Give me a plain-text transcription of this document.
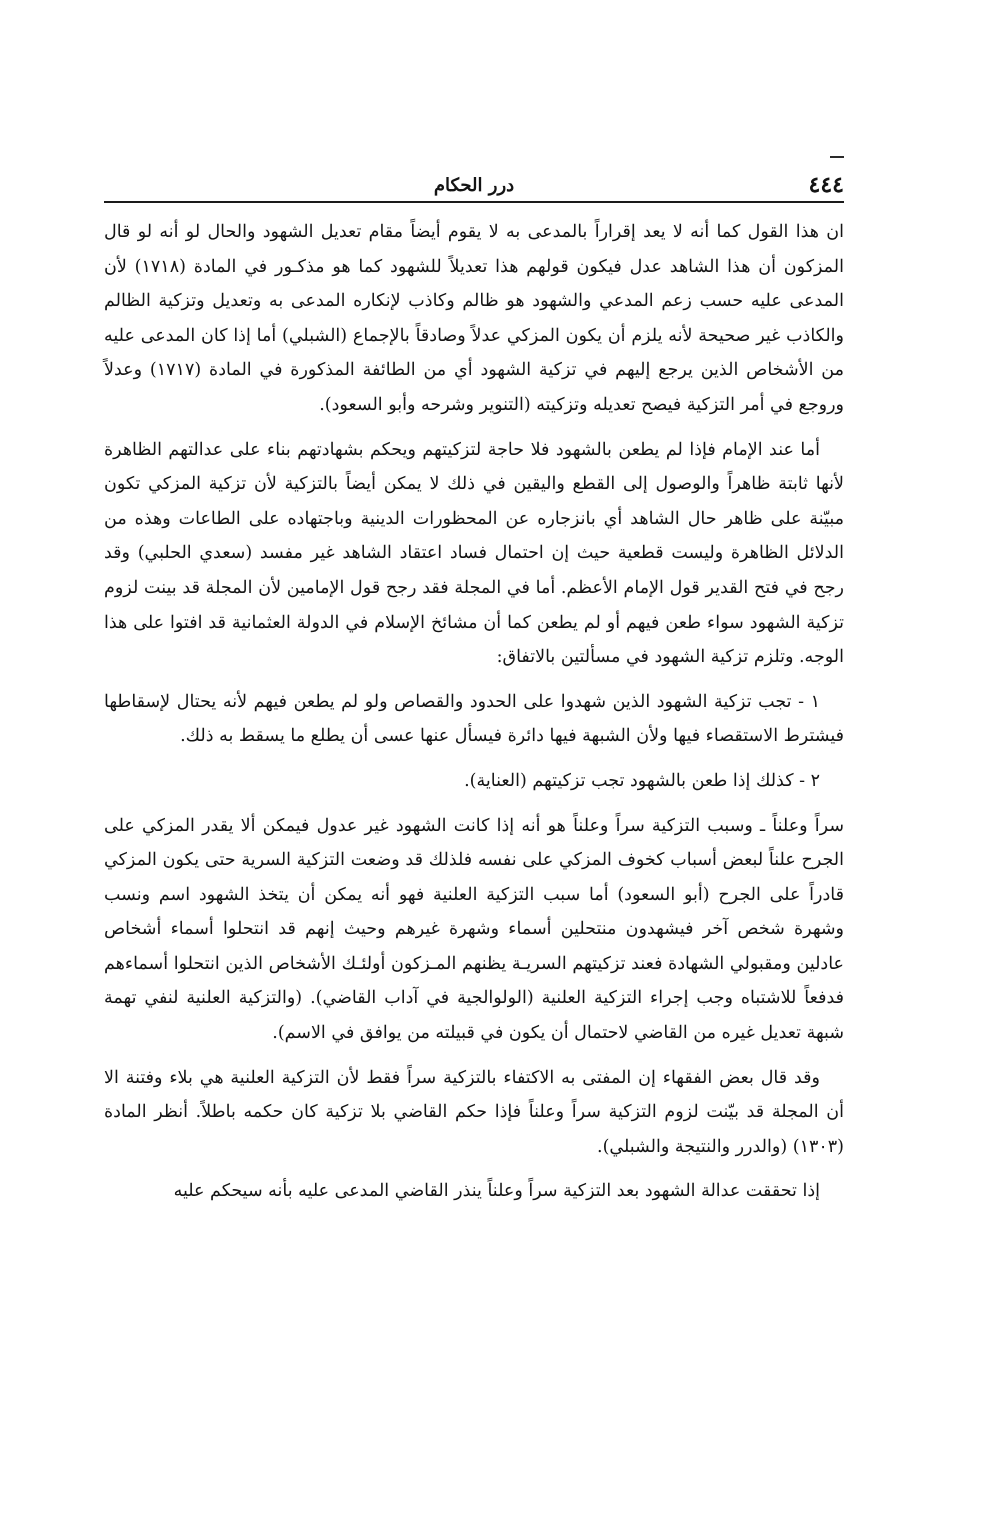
٤٤٤
درر الحكام

ان هذا القول كما أنه لا يعد إقراراً بالمدعى به لا يقوم أيضاً مقام تعديل الشهود والحال لو أنه لو قال المزكون أن هذا الشاهد عدل فيكون قولهم هذا تعديلاً للشهود كما هو مذكـور في المادة (١٧١٨) لأن المدعى عليه حسب زعم المدعي والشهود هو ظالم وكاذب لإنكاره المدعى به وتعديل وتزكية الظالم والكاذب غير صحيحة لأنه يلزم أن يكون المزكي عدلاً وصادقاً بالإجماع (الشبلي) أما إذا كان المدعى عليه من الأشخاص الذين يرجع إليهم في تزكية الشهود أي من الطائفة المذكورة في المادة (١٧١٧) وعدلاً وروجع في أمر التزكية فيصح تعديله وتزكيته (التنوير وشرحه وأبو السعود).

أما عند الإمام فإذا لم يطعن بالشهود فلا حاجة لتزكيتهم ويحكم بشهادتهم بناء على عدالتهم الظاهرة لأنها ثابتة ظاهراً والوصول إلى القطع واليقين في ذلك لا يمكن أيضاً بالتزكية لأن تزكية المزكي تكون مبيّنة على ظاهر حال الشاهد أي بانزجاره عن المحظورات الدينية وباجتهاده على الطاعات وهذه من الدلائل الظاهرة وليست قطعية حيث إن احتمال فساد اعتقاد الشاهد غير مفسد (سعدي الحلبي) وقد رجح في فتح القدير قول الإمام الأعظم. أما في المجلة فقد رجح قول الإمامين لأن المجلة قد بينت لزوم تزكية الشهود سواء طعن فيهم أو لم يطعن كما أن مشائخ الإسلام في الدولة العثمانية قد افتوا على هذا الوجه. وتلزم تزكية الشهود في مسألتين بالاتفاق:

١ - تجب تزكية الشهود الذين شهدوا على الحدود والقصاص ولو لم يطعن فيهم لأنه يحتال لإسقاطها فيشترط الاستقصاء فيها ولأن الشبهة فيها دائرة فيسأل عنها عسى أن يطلع ما يسقط به ذلك.

٢ - كذلك إذا طعن بالشهود تجب تزكيتهم (العناية).

سراً وعلناً ـ وسبب التزكية سراً وعلناً هو أنه إذا كانت الشهود غير عدول فيمكن ألا يقدر المزكي على الجرح علناً لبعض أسباب كخوف المزكي على نفسه فلذلك قد وضعت التزكية السرية حتى يكون المزكي قادراً على الجرح (أبو السعود) أما سبب التزكية العلنية فهو أنه يمكن أن يتخذ الشهود اسم ونسب وشهرة شخص آخر فيشهدون منتحلين أسماء وشهرة غيرهم وحيث إنهم قد انتحلوا أسماء أشخاص عادلين ومقبولي الشهادة فعند تزكيتهم السريـة يظنهم المـزكون أولئـك الأشخاص الذين انتحلوا أسماءهم فدفعاً للاشتباه وجب إجراء التزكية العلنية (الولوالجية في آداب القاضي). (والتزكية العلنية لنفي تهمة شبهة تعديل غيره من القاضي لاحتمال أن يكون في قبيلته من يوافق في الاسم).

وقد قال بعض الفقهاء إن المفتى به الاكتفاء بالتزكية سراً فقط لأن التزكية العلنية هي بلاء وفتنة الا أن المجلة قد بيّنت لزوم التزكية سراً وعلناً فإذا حكم القاضي بلا تزكية كان حكمه باطلاً. أنظر المادة (١٣٠٣) (والدرر والنتيجة والشبلي).

إذا تحققت عدالة الشهود بعد التزكية سراً وعلناً ينذر القاضي المدعى عليه بأنه سيحكم عليه
